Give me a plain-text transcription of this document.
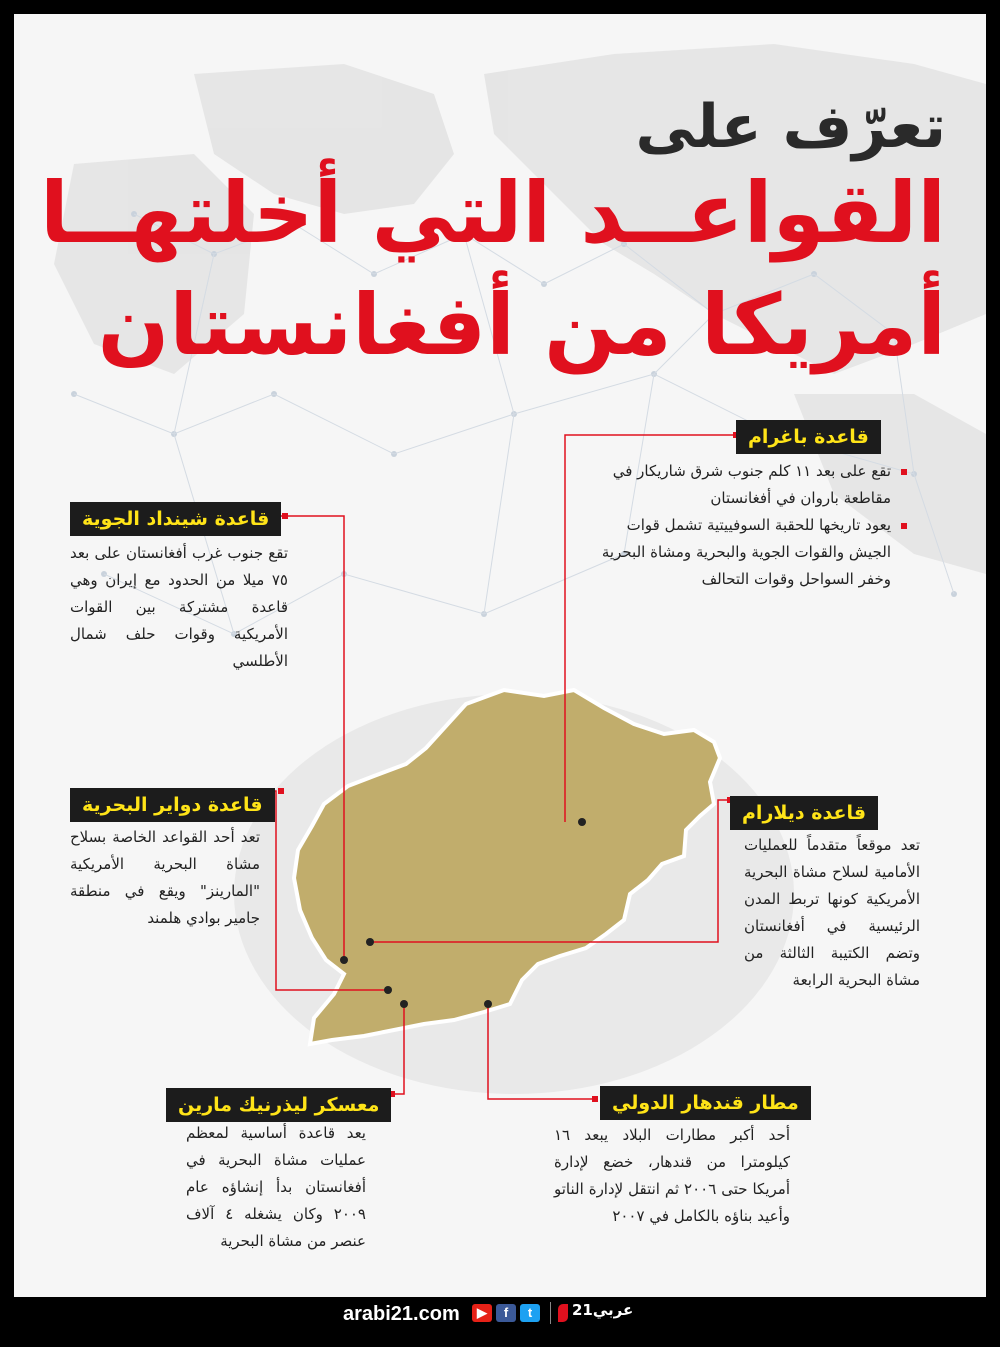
تعرّف على
القواعــد التي أخلتهــا
أمريكا من أفغانستان
قاعدة باغرام
تقع على بعد ١١ كلم جنوب شرق شاريكار في مقاطعة باروان في أفغانستان
يعود تاريخها للحقبة السوفييتية تشمل قوات الجيش والقوات الجوية والبحرية ومشاة البحرية وخفر السواحل وقوات التحالف
قاعدة شينداد الجوية
تقع جنوب غرب أفغانستان على بعد ٧٥ ميلا من الحدود مع إيران وهي قاعدة مشتركة بين القوات الأمريكية وقوات حلف شمال الأطلسي
قاعدة دواير البحرية
تعد أحد القواعد الخاصة بسلاح مشاة البحرية الأمريكية "المارينز" ويقع في منطقة جامير بوادي هلمند
قاعدة ديلارام
تعد موقعاً متقدماً للعمليات الأمامية لسلاح مشاة البحرية الأمريكية كونها تربط المدن الرئيسية في أفغانستان وتضم الكتيبة الثالثة من مشاة البحرية الرابعة
معسكر ليذرنيك مارين
يعد قاعدة أساسية لمعظم عمليات مشاة البحرية في أفغانستان بدأ إنشاؤه عام ٢٠٠٩ وكان يشغله ٤ آلاف عنصر من مشاة البحرية
مطار قندهار الدولي
أحد أكبر مطارات البلاد يبعد ١٦ كيلومترا من قندهار، خضع لإدارة أمريكا حتى ٢٠٠٦ ثم انتقل لإدارة الناتو وأعيد بناؤه بالكامل في ٢٠٠٧
arabi21.com	▶	f	t	عربي21
